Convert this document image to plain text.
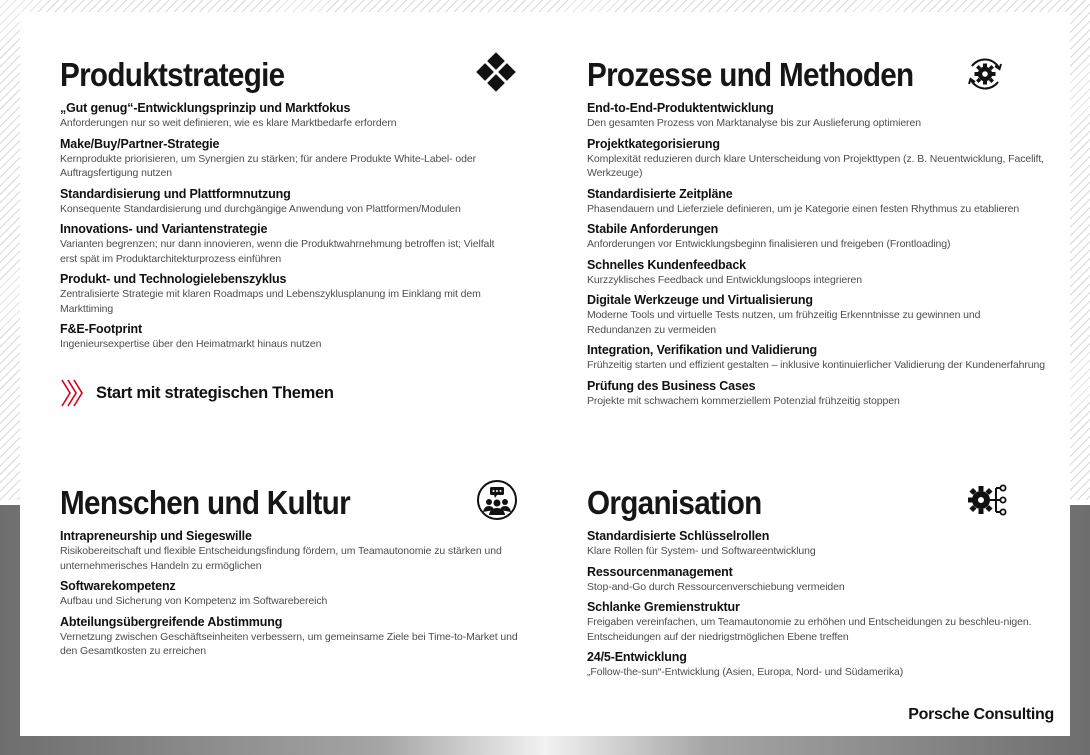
Produktstrategie
„Gut genug“-Entwicklungsprinzip und Marktfokus
Anforderungen nur so weit definieren, wie es klare Marktbedarfe erfordern
Make/Buy/Partner-Strategie
Kernprodukte priorisieren, um Synergien zu stärken; für andere Produkte White-Label- oder Auftragsfertigung nutzen
Standardisierung und Plattformnutzung
Konsequente Standardisierung und durchgängige Anwendung von Plattformen/Modulen
Innovations- und Variantenstrategie
Varianten begrenzen; nur dann innovieren, wenn die Produktwahrnehmung betroffen ist; Vielfalt erst spät im Produktarchitekturprozess einführen
Produkt- und Technologielebenszyklus
Zentralisierte Strategie mit klaren Roadmaps und Lebenszyklusplanung im Einklang mit dem Markttiming
F&E-Footprint
Ingenieursexpertise über den Heimatmarkt hinaus nutzen
Start mit strategischen Themen
Prozesse und Methoden
End-to-End-Produktentwicklung
Den gesamten Prozess von Marktanalyse bis zur Auslieferung optimieren
Projektkategorisierung
Komplexität reduzieren durch klare Unterscheidung von Projekttypen (z. B. Neuentwicklung, Facelift, Werkzeuge)
Standardisierte Zeitpläne
Phasendauern und Lieferziele definieren, um je Kategorie einen festen Rhythmus zu etablieren
Stabile Anforderungen
Anforderungen vor Entwicklungsbeginn finalisieren und freigeben (Frontloading)
Schnelles Kundenfeedback
Kurzzyklisches Feedback und Entwicklungsloops integrieren
Digitale Werkzeuge und Virtualisierung
Moderne Tools und virtuelle Tests nutzen, um frühzeitig Erkenntnisse zu gewinnen und Redundanzen zu vermeiden
Integration, Verifikation und Validierung
Frühzeitig starten und effizient gestalten – inklusive kontinuierlicher Validierung der Kundenerfahrung
Prüfung des Business Cases
Projekte mit schwachem kommerziellem Potenzial frühzeitig stoppen
Menschen und Kultur
Intrapreneurship und Siegeswille
Risikobereitschaft und flexible Entscheidungsfindung fördern, um Teamautonomie zu stärken und unternehmerisches Handeln zu ermöglichen
Softwarekompetenz
Aufbau und Sicherung von Kompetenz im Softwarebereich
Abteilungsübergreifende Abstimmung
Vernetzung zwischen Geschäftseinheiten verbessern, um gemeinsame Ziele bei Time-to-Market und den Gesamtkosten zu erreichen
Organisation
Standardisierte Schlüsselrollen
Klare Rollen für System- und Softwareentwicklung
Ressourcenmanagement
Stop-and-Go durch Ressourcenverschiebung vermeiden
Schlanke Gremienstruktur
Freigaben vereinfachen, um Teamautonomie zu erhöhen und Entscheidungen zu beschleu-nigen. Entscheidungen auf der niedrigstmöglichen Ebene treffen
24/5-Entwicklung
„Follow-the-sun“-Entwicklung (Asien, Europa, Nord- und Südamerika)
Porsche Consulting
